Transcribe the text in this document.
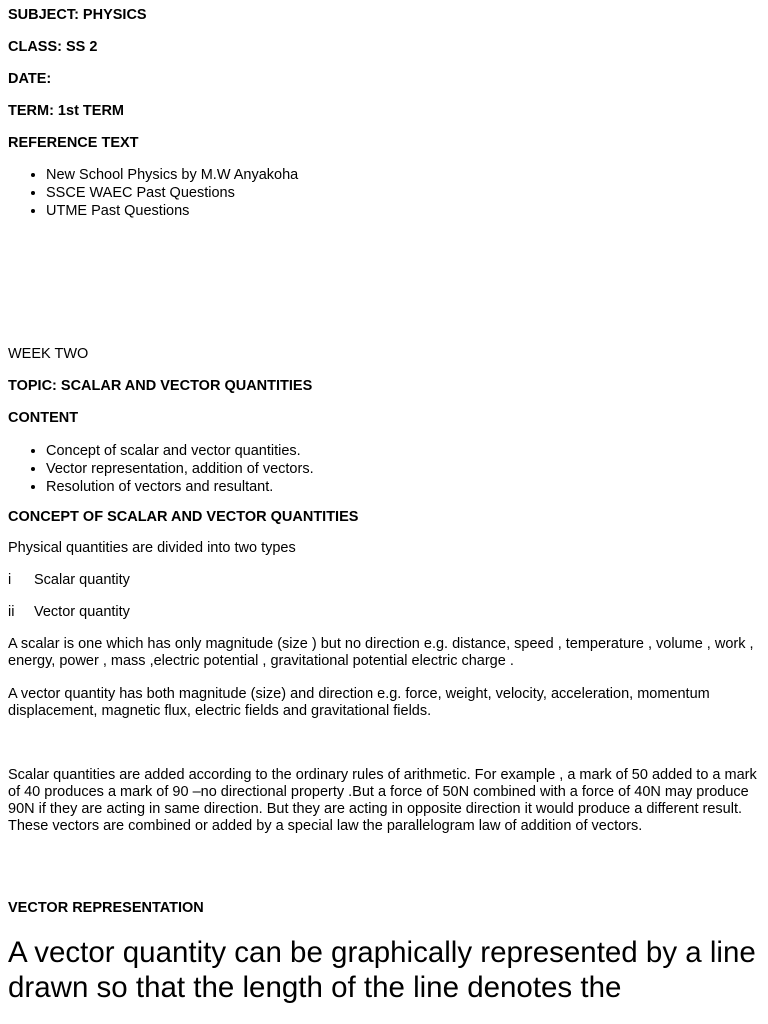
SUBJECT: PHYSICS
CLASS: SS 2
DATE:
TERM: 1st TERM
REFERENCE TEXT
• New School Physics by M.W Anyakoha
• SSCE WAEC Past Questions
• UTME Past Questions
WEEK TWO
TOPIC: SCALAR AND VECTOR QUANTITIES
CONTENT
• Concept of scalar and vector quantities.
• Vector representation, addition of vectors.
• Resolution of vectors and resultant.
CONCEPT OF SCALAR AND VECTOR QUANTITIES
Physical quantities are divided into two types
i Scalar quantity
ii Vector quantity
A scalar is one which has only magnitude (size ) but no direction e.g. distance, speed , temperature , volume , work , energy, power , mass ,electric potential , gravitational potential electric charge .
A vector quantity has both magnitude (size) and direction e.g. force, weight, velocity, acceleration, momentum displacement, magnetic flux, electric fields and gravitational fields.
Scalar quantities are added according to the ordinary rules of arithmetic. For example , a mark of 50 added to a mark of 40 produces a mark of 90 –no directional property .But a force of 50N combined with a force of 40N may produce 90N if they are acting in same direction. But they are acting in opposite direction it would produce a different result. These vectors are combined or added by a special law the parallelogram law of addition of vectors.
VECTOR REPRESENTATION
A vector quantity can be graphically represented by a line drawn so that the length of the line denotes the
